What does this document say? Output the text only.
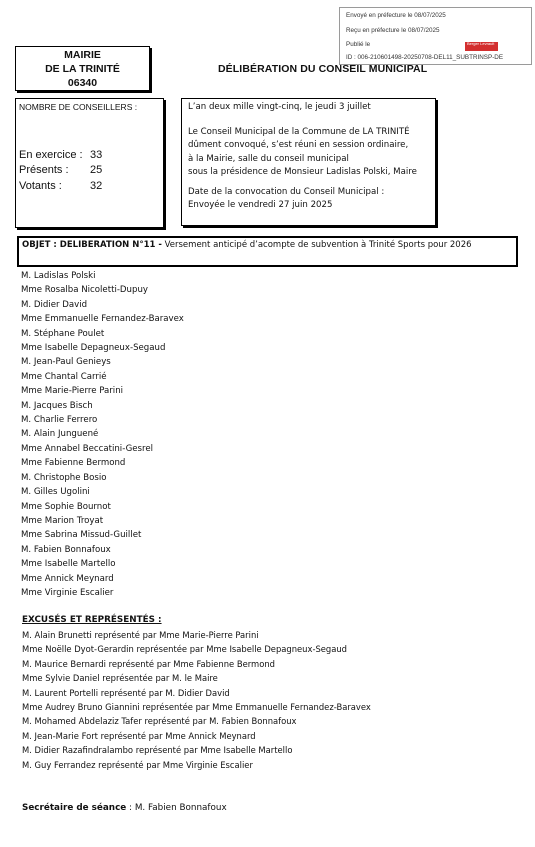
Envoyé en préfecture le 08/07/2025
Reçu en préfecture le 08/07/2025
Publié le	Berger Levrault
ID : 006-210601498-20250708-DEL11_SUBTRINSP-DE
MAIRIE
DE LA TRINITÉ
06340
DÉLIBÉRATION DU CONSEIL MUNICIPAL
NOMBRE DE CONSEILLERS :
En exercice : 33
Présents : 25
Votants :	32

L’an deux mille vingt-cinq, le jeudi 3 juillet

Le Conseil Municipal de la Commune de LA TRINITÉ

dûment convoqué, s’est réuni en session ordinaire,

à la Mairie, salle du conseil municipal

sous la présidence de Monsieur Ladislas Polski, Maire

Date de la convocation du Conseil Municipal :

Envoyée le vendredi 27 juin 2025

OBJET : DELIBERATION N°11 - Versement anticipé d’acompte de subvention à Trinité Sports pour 2026
M. Ladislas Polski
Mme Rosalba Nicoletti-Dupuy
M. Didier David
Mme Emmanuelle Fernandez-Baravex
M. Stéphane Poulet
Mme Isabelle Depagneux-Segaud
M. Jean-Paul Genieys
Mme Chantal Carrié
Mme Marie-Pierre Parini
M. Jacques Bisch
M. Charlie Ferrero
M. Alain Junguené
Mme Annabel Beccatini-Gesrel
Mme Fabienne Bermond
M. Christophe Bosio
M. Gilles Ugolini
Mme Sophie Bournot
Mme Marion Troyat
Mme Sabrina Missud-Guillet
M. Fabien Bonnafoux
Mme Isabelle Martello
Mme Annick Meynard
Mme Virginie Escalier
EXCUSÉS ET REPRÉSENTÉS :
M. Alain Brunetti représenté par Mme Marie-Pierre Parini
Mme Noëlle Dyot-Gerardin représentée par Mme Isabelle Depagneux-Segaud
M. Maurice Bernardi représenté par Mme Fabienne Bermond
Mme Sylvie Daniel représentée par M. le Maire
M. Laurent Portelli représenté par M. Didier David
Mme Audrey Bruno Giannini représentée par Mme Emmanuelle Fernandez-Baravex
M. Mohamed Abdelaziz Tafer représenté par M. Fabien Bonnafoux
M. Jean-Marie Fort représenté par Mme Annick Meynard
M. Didier Razafindralambo représenté par Mme Isabelle Martello
M. Guy Ferrandez représenté par Mme Virginie Escalier
Secrétaire de séance : M. Fabien Bonnafoux
